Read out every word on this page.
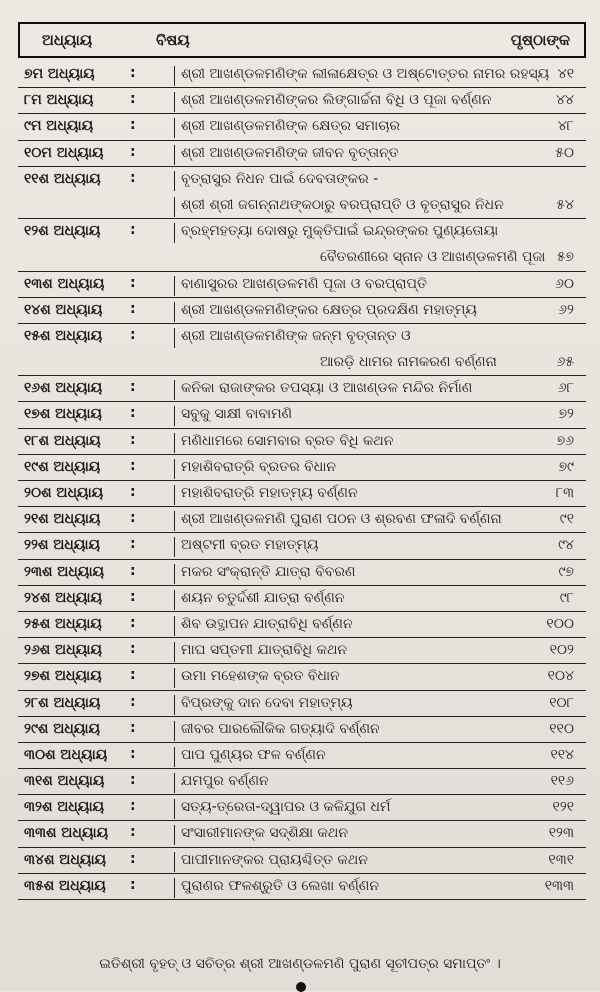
ଅଧ୍ୟାୟ	ବିଷୟ	ପୃଷ୍ଠାଙ୍କ
୭ମ ଅଧ୍ୟାୟ	:	ଶ୍ରୀ ଆଖଣ୍ଡଳମଣିଙ୍କ ଲୀଳାକ୍ଷେତ୍ର ଓ ଅଷ୍ଟୋତ୍ତର ନାମର ରହସ୍ୟ ୪୧
୮ମ ଅଧ୍ୟାୟ	:	ଶ୍ରୀ ଆଖଣ୍ଡଳମଣିଙ୍କର ଲିଙ୍ଗାର୍ଚ୍ଚନା ବିଧି ଓ ପୂଜା ବର୍ଣ୍ଣନ	୪୪
୯ମ ଅଧ୍ୟାୟ	:	ଶ୍ରୀ ଆଖଣ୍ଡଳମଣିଙ୍କ କ୍ଷେତ୍ର ସମାଚାର	୪୮
୧୦ମ ଅଧ୍ୟାୟ	:	ଶ୍ରୀ ଆଖଣ୍ଡଳମଣିଙ୍କ ଜୀବନ ବୃତ୍ତାନ୍ତ	୫୦
୧୧ଶ ଅଧ୍ୟାୟ	:	ବୃତ୍ରାସୁର ନିଧନ ପାଇଁ ଦେବତାଙ୍କର -
ଶ୍ରୀ ଶ୍ରୀ ଜଗନ୍ନାଥଙ୍କଠାରୁ ବରପ୍ରାପ୍ତି ଓ ବୃତ୍ରାସୁର ନିଧନ	୫୪
୧୨ଶ ଅଧ୍ୟାୟ	:	ବ୍ରହ୍ମହତ୍ୟା ଦୋଷରୁ ମୁକ୍ତିପାଇଁ ଇନ୍ଦ୍ରଙ୍କର ପୁଣ୍ୟତୋୟା
ବୈତରଣୀରେ ସ୍ନାନ ଓ ଆଖଣ୍ଡଳମଣି ପୂଜା ୫୭
୧୩ଶ ଅଧ୍ୟାୟ	:	ବାଣାସୁରର ଆଖଣ୍ଡଳମଣି ପୂଜା ଓ ବରପ୍ରାପ୍ତି	୬୦
୧୪ଶ ଅଧ୍ୟାୟ	:	ଶ୍ରୀ ଆଖଣ୍ଡଳମଣିଙ୍କର କ୍ଷେତ୍ର ପ୍ରଦକ୍ଷିଣ ମହାତ୍ମ୍ୟ	୬୨
୧୫ଶ ଅଧ୍ୟାୟ	:	ଶ୍ରୀ ଆଖଣ୍ଡଳମଣିଙ୍କ ଜନ୍ମ ବୃତ୍ତାନ୍ତ ଓ
ଆରଡ଼ି ଧାମର ନାମକରଣ ବର୍ଣ୍ଣନା	୬୫
୧୬ଶ ଅଧ୍ୟାୟ	:	କନିକା ରାଜାଙ୍କର ତପସ୍ୟା ଓ ଆଖଣ୍ଡଳ ମନ୍ଦିର ନିର୍ମାଣ	୬୮
୧୭ଶ ଅଧ୍ୟାୟ	:	ସବୁକୁ ସାକ୍ଷୀ ବାବାମଣି	୭୨
୧୮ଶ ଅଧ୍ୟାୟ	:	ମଣିଧାମରେ ସୋମବାର ବ୍ରତ ବିଧି କଥନ	୭୬
୧୯ଶ ଅଧ୍ୟାୟ	:	ମହାଶିବରାତ୍ରି ବ୍ରତର ବିଧାନ	୭୯
୨୦ଶ ଅଧ୍ୟାୟ	:	ମହାଶିବରାତ୍ରି ମହାତ୍ମ୍ୟ ବର୍ଣ୍ଣନ	୮୩
୨୧ଶ ଅଧ୍ୟାୟ	:	ଶ୍ରୀ ଆଖଣ୍ଡଳମଣି ପୁରାଣ ପଠନ ଓ ଶ୍ରବଣ ଫଳାଦି ବର୍ଣ୍ଣନା	୯୧
୨୨ଶ ଅଧ୍ୟାୟ	:	ଅଷ୍ଟମୀ ବ୍ରତ ମହାତ୍ମ୍ୟ	୯୪
୨୩ଶ ଅଧ୍ୟାୟ	:	ମକର ସଂକ୍ରାନ୍ତି ଯାତ୍ରା ବିବରଣ	୯୭
୨୪ଶ ଅଧ୍ୟାୟ	:	ଶୟନ ଚତୁର୍ଦ୍ଦଶୀ ଯାତ୍ରା ବର୍ଣ୍ଣନ	୯୮
୨୫ଶ ଅଧ୍ୟାୟ	:	ଶିବ ଉତ୍ଥାପନ ଯାତ୍ରାବିଧି ବର୍ଣ୍ଣନ	୧୦୦
୨୬ଶ ଅଧ୍ୟାୟ	:	ମାଘ ସପ୍ତମୀ ଯାତ୍ରାବିଧି କଥନ	୧୦୨
୨୭ଶ ଅଧ୍ୟାୟ	:	ଉମା ମହେଶଙ୍କ ବ୍ରତ ବିଧାନ	୧୦୪
୨୮ଶ ଅଧ୍ୟାୟ	:	ବିପ୍ରଙ୍କୁ ଦାନ ଦେବା ମହାତ୍ମ୍ୟ	୧୦୮
୨୯ଶ ଅଧ୍ୟାୟ	:	ଜୀବର ପାରଲୌକିକ ଗତ୍ୟାଦି ବର୍ଣ୍ଣନ	୧୧୦
୩୦ଶ ଅଧ୍ୟାୟ	:	ପାପ ପୁଣ୍ୟର ଫଳ ବର୍ଣ୍ଣନ	୧୧୪
୩୧ଶ ଅଧ୍ୟାୟ	:	ଯମପୁର ବର୍ଣ୍ଣନ	୧୧୬
୩୨ଶ ଅଧ୍ୟାୟ	:	ସତ୍ୟ-ତ୍ରେତା-ଦ୍ୱାପର ଓ କଳିଯୁଗ ଧର୍ମ	୧୨୧
୩୩ଶ ଅଧ୍ୟାୟ	:	ସଂସାରୀମାନଙ୍କ ସଦ୍‌ଶିକ୍ଷା କଥନ	୧୨୩
୩୪ଶ ଅଧ୍ୟାୟ	:	ପାପୀମାନଙ୍କର ପ୍ରାୟଶ୍ଚିତ୍ତ କଥନ	୧୩୧
୩୫ଶ ଅଧ୍ୟାୟ	:	ପୁରାଣର ଫଳଶ୍ରୁତି ଓ ଲେଖା ବର୍ଣ୍ଣନ	୧୩୩
ଇତିଶ୍ରୀ ବୃହତ୍ ଓ ସଚିତ୍ର ଶ୍ରୀ ଆଖଣ୍ଡଳମଣି ପୁରାଣ ସୂଚୀପତ୍ର ସମାପ୍ତଂ ।
